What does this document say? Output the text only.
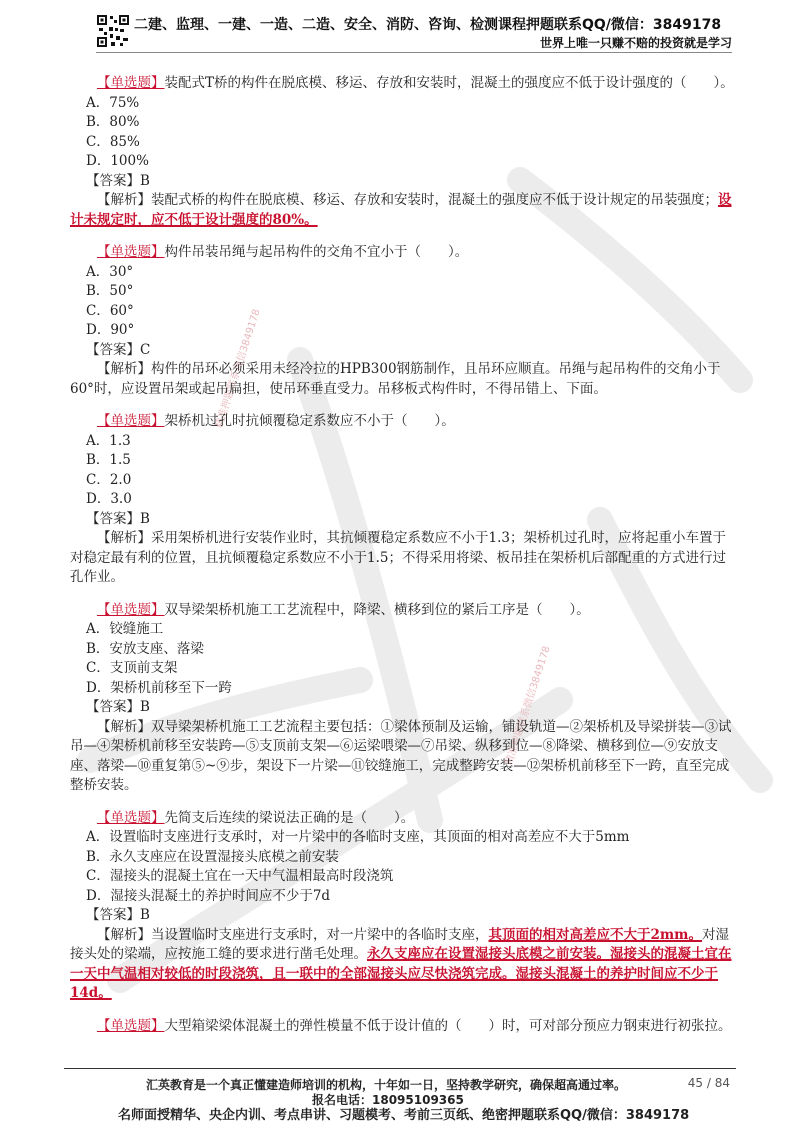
二建、监理、一建、一造、二造、安全、消防、咨询、检测课程押题联系QQ/微信：3849178
世界上唯一只赚不赔的投资就是学习
精准押题联系微信3849178
精准押题联系微信3849178
【单选题】装配式T桥的构件在脱底模、移运、存放和安装时，混凝土的强度应不低于设计强度的（　　）。
A．75%
B．80%
C．85%
D．100%
【答案】B
【解析】装配式桥的构件在脱底模、移运、存放和安装时，混凝土的强度应不低于设计规定的吊装强度；设计未规定时，应不低于设计强度的80%。
【单选题】构件吊装吊绳与起吊构件的交角不宜小于（　　）。
A．30°
B．50°
C．60°
D．90°
【答案】C
【解析】构件的吊环必须采用未经冷拉的HPB300钢筋制作，且吊环应顺直。吊绳与起吊构件的交角小于60°时，应设置吊架或起吊扁担，使吊环垂直受力。吊移板式构件时，不得吊错上、下面。
【单选题】架桥机过孔时抗倾覆稳定系数应不小于（　　）。
A．1.3
B．1.5
C．2.0
D．3.0
【答案】B
【解析】采用架桥机进行安装作业时，其抗倾覆稳定系数应不小于1.3；架桥机过孔时，应将起重小车置于对稳定最有利的位置，且抗倾覆稳定系数应不小于1.5；不得采用将梁、板吊挂在架桥机后部配重的方式进行过孔作业。
【单选题】双导梁架桥机施工工艺流程中，降梁、横移到位的紧后工序是（　　）。
A．铰缝施工
B．安放支座、落梁
C．支顶前支架
D．架桥机前移至下一跨
【答案】B
【解析】双导梁架桥机施工工艺流程主要包括：①梁体预制及运输，铺设轨道—②架桥机及导梁拼装—③试吊—④架桥机前移至安装跨—⑤支顶前支架—⑥运梁喂梁—⑦吊梁、纵移到位—⑧降梁、横移到位—⑨安放支座、落梁—⑩重复第⑤~⑨步，架设下一片梁—⑪铰缝施工，完成整跨安装—⑫架桥机前移至下一跨，直至完成整桥安装。
【单选题】先简支后连续的梁说法正确的是（　　）。
A．设置临时支座进行支承时，对一片梁中的各临时支座，其顶面的相对高差应不大于5mm
B．永久支座应在设置湿接头底模之前安装
C．湿接头的混凝土宜在一天中气温相最高时段浇筑
D．湿接头混凝土的养护时间应不少于7d
【答案】B
【解析】当设置临时支座进行支承时，对一片梁中的各临时支座，其顶面的相对高差应不大于2mm。对湿接头处的梁端，应按施工缝的要求进行凿毛处理。永久支座应在设置湿接头底模之前安装。湿接头的混凝土宜在一天中气温相对较低的时段浇筑，且一联中的全部湿接头应尽快浇筑完成。湿接头混凝土的养护时间应不少于14d。
【单选题】大型箱梁梁体混凝土的弹性模量不低于设计值的（　　）时，可对部分预应力钢束进行初张拉。
汇英教育是一个真正懂建造师培训的机构，十年如一日，坚持教学研究，确保超高通过率。	45 / 84
报名电话：18095109365
名师面授精华、央企内训、考点串讲、习题模考、考前三页纸、绝密押题联系QQ/微信：3849178
